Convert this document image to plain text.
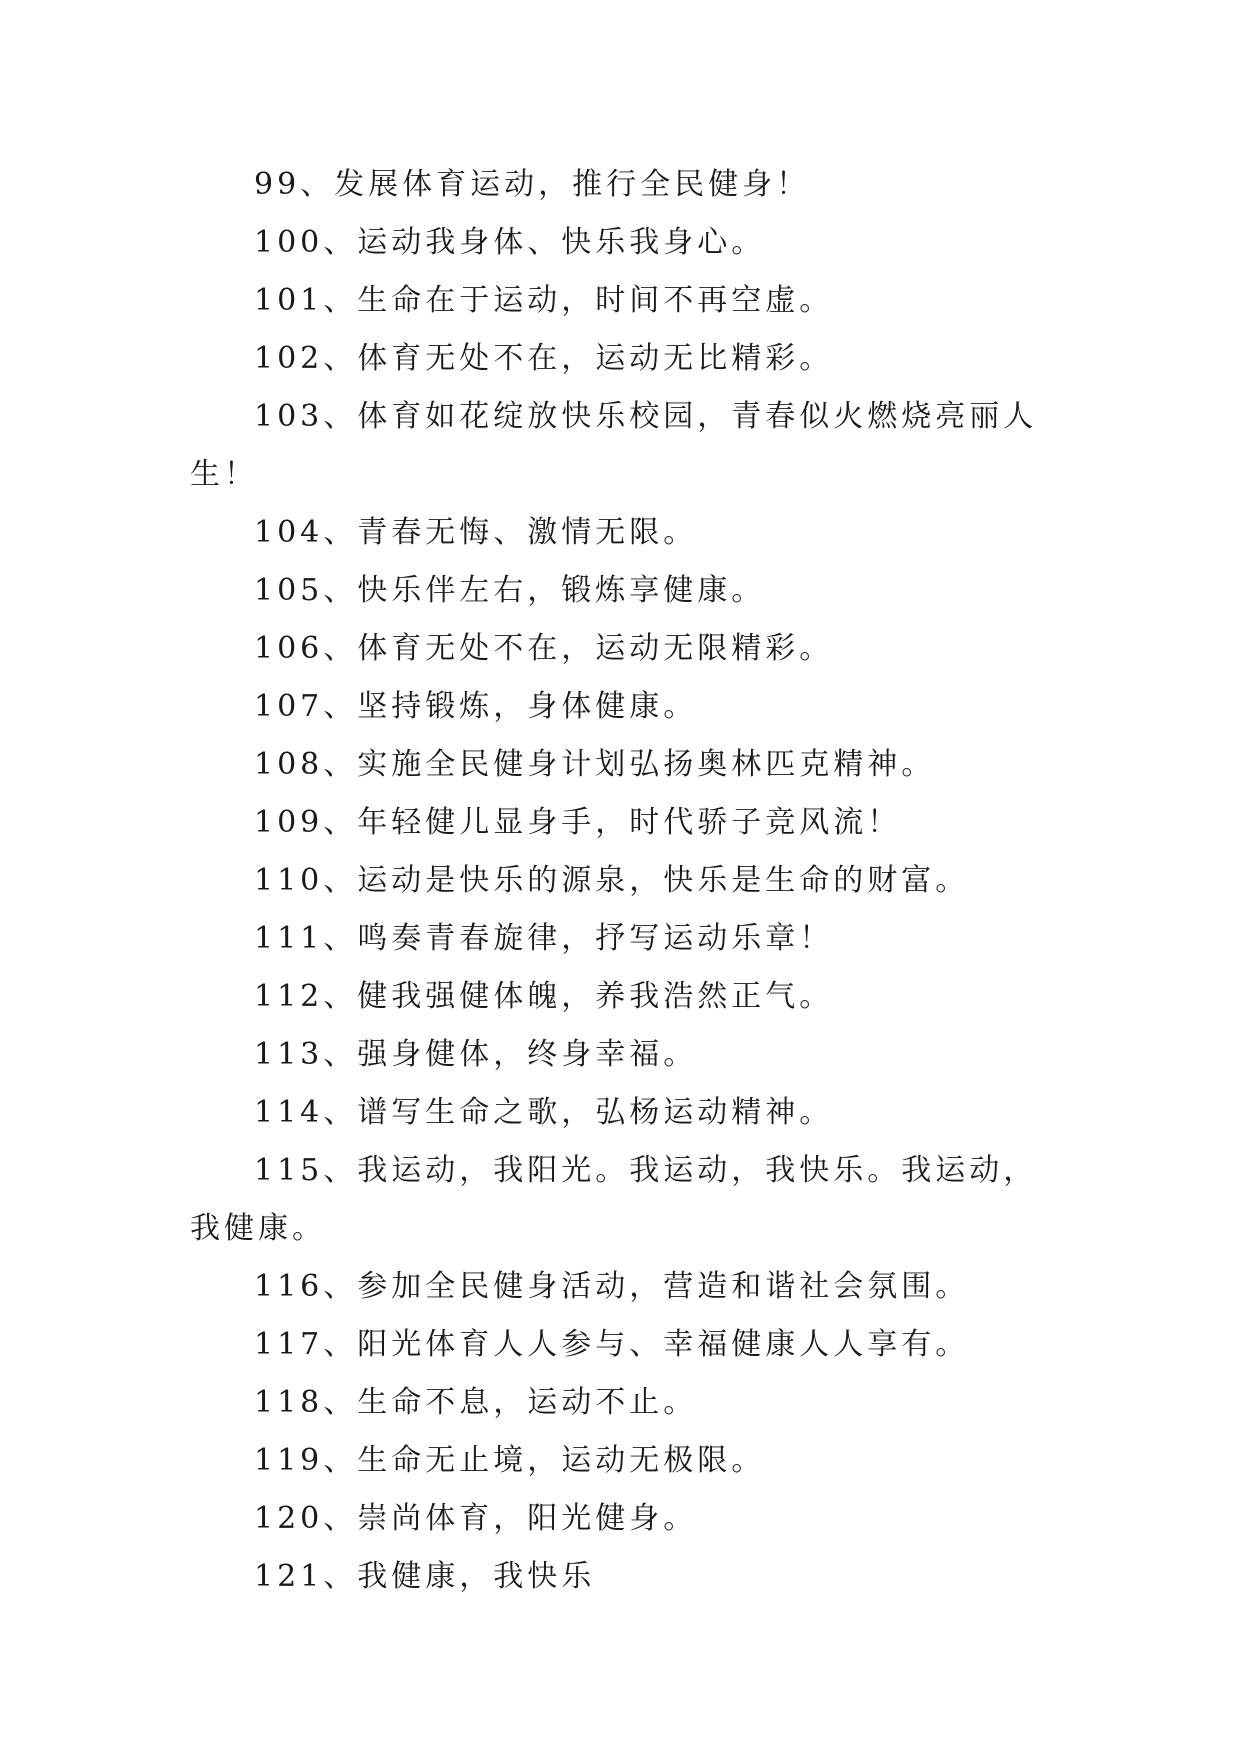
99、发展体育运动，推行全民健身！

100、运动我身体、快乐我身心。

101、生命在于运动，时间不再空虚。

102、体育无处不在，运动无比精彩。

103、体育如花绽放快乐校园，青春似火燃烧亮丽人生！

104、青春无悔、激情无限。

105、快乐伴左右，锻炼享健康。

106、体育无处不在，运动无限精彩。

107、坚持锻炼，身体健康。

108、实施全民健身计划弘扬奥林匹克精神。

109、年轻健儿显身手，时代骄子竞风流！

110、运动是快乐的源泉，快乐是生命的财富。

111、鸣奏青春旋律，抒写运动乐章！

112、健我强健体魄，养我浩然正气。

113、强身健体，终身幸福。

114、谱写生命之歌，弘杨运动精神。

115、我运动，我阳光。我运动，我快乐。我运动，我健康。

116、参加全民健身活动，营造和谐社会氛围。

117、阳光体育人人参与、幸福健康人人享有。

118、生命不息，运动不止。

119、生命无止境，运动无极限。

120、崇尚体育，阳光健身。

121、我健康，我快乐
